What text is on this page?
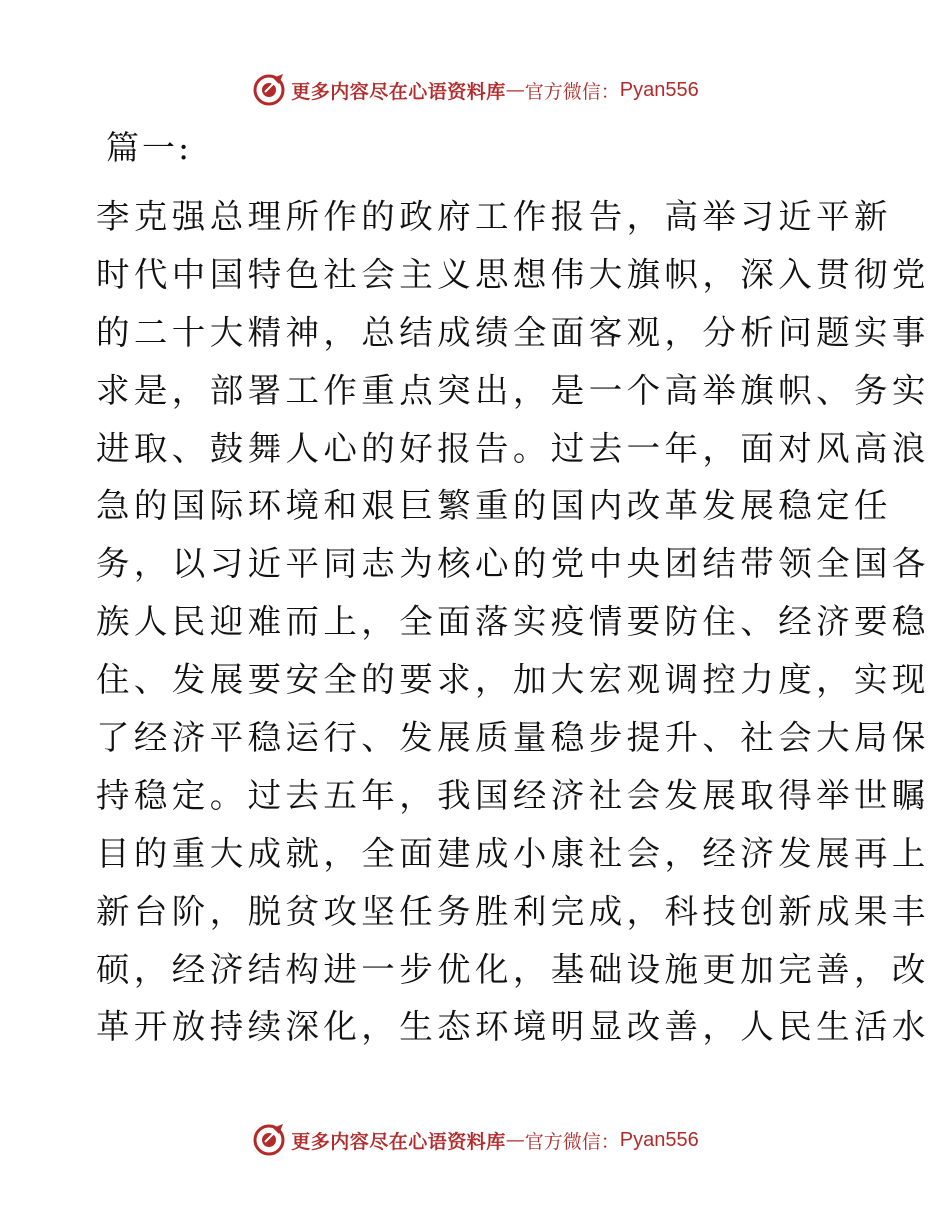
更多内容尽在心语资料库 — 官方微信： Pyan556
篇一:
李克强总理所作的政府工作报告，高举习近平新
时代中国特色社会主义思想伟大旗帜，深入贯彻党
的二十大精神，总结成绩全面客观，分析问题实事
求是，部署工作重点突出，是一个高举旗帜、务实
进取、鼓舞人心的好报告。过去一年，面对风高浪
急的国际环境和艰巨繁重的国内改革发展稳定任
务，以习近平同志为核心的党中央团结带领全国各
族人民迎难而上，全面落实疫情要防住、经济要稳
住、发展要安全的要求，加大宏观调控力度，实现
了经济平稳运行、发展质量稳步提升、社会大局保
持稳定。过去五年，我国经济社会发展取得举世瞩
目的重大成就，全面建成小康社会，经济发展再上
新台阶，脱贫攻坚任务胜利完成，科技创新成果丰
硕，经济结构进一步优化，基础设施更加完善，改
革开放持续深化，生态环境明显改善，人民生活水
更多内容尽在心语资料库 — 官方微信： Pyan556
